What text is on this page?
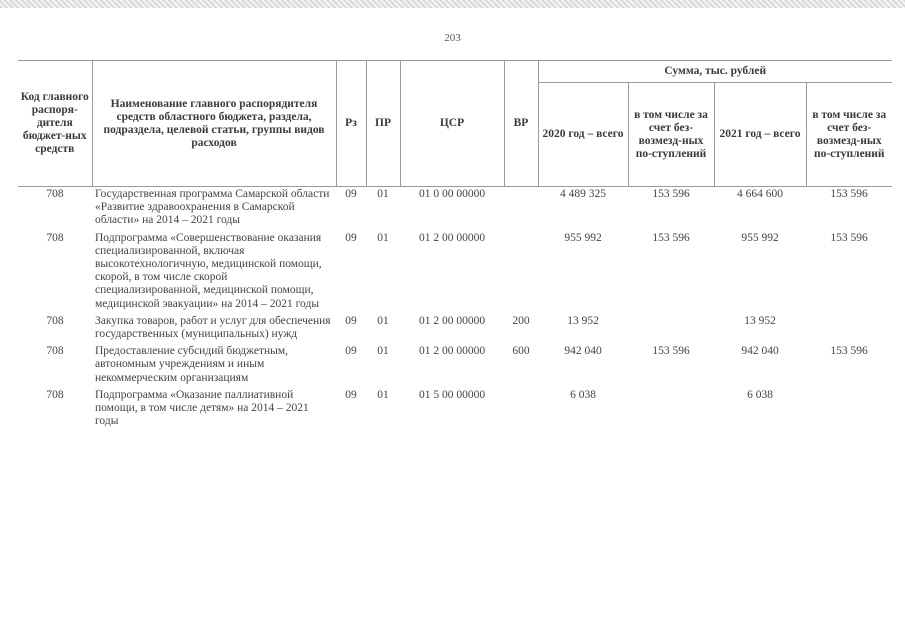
203
Код главного распоря-дителя бюджет-ных средств	Наименование главного распорядителя средств областного бюджета, раздела, подраздела, целевой статьи, группы видов расходов	Рз	ПР	ЦСР	ВР	Сумма, тыс. рублей			
						2020 год – всего	в том числе за счет без-возмезд-ных по-ступлений	2021 год – всего	в том числе за счет без-возмезд-ных по-ступлений
708	Государственная программа Самарской области «Развитие здравоохранения в Самарской области» на 2014 – 2021 годы	09	01	01 0 00 00000		4 489 325	153 596	4 664 600	153 596
708	Подпрограмма «Совершенствование оказания специализированной, включая высокотехнологичную, медицинской помощи, скорой, в том числе скорой специализированной, медицинской помощи, медицинской эвакуации» на 2014 – 2021 годы	09	01	01 2 00 00000		955 992	153 596	955 992	153 596
708	Закупка товаров, работ и услуг для обеспечения государственных (муниципальных) нужд	09	01	01 2 00 00000	200	13 952		13 952	
708	Предоставление субсидий бюджетным, автономным учреждениям и иным некоммерческим организациям	09	01	01 2 00 00000	600	942 040	153 596	942 040	153 596
708	Подпрограмма «Оказание паллиативной помощи, в том числе детям» на 2014 – 2021 годы	09	01	01 5 00 00000		6 038		6 038	
